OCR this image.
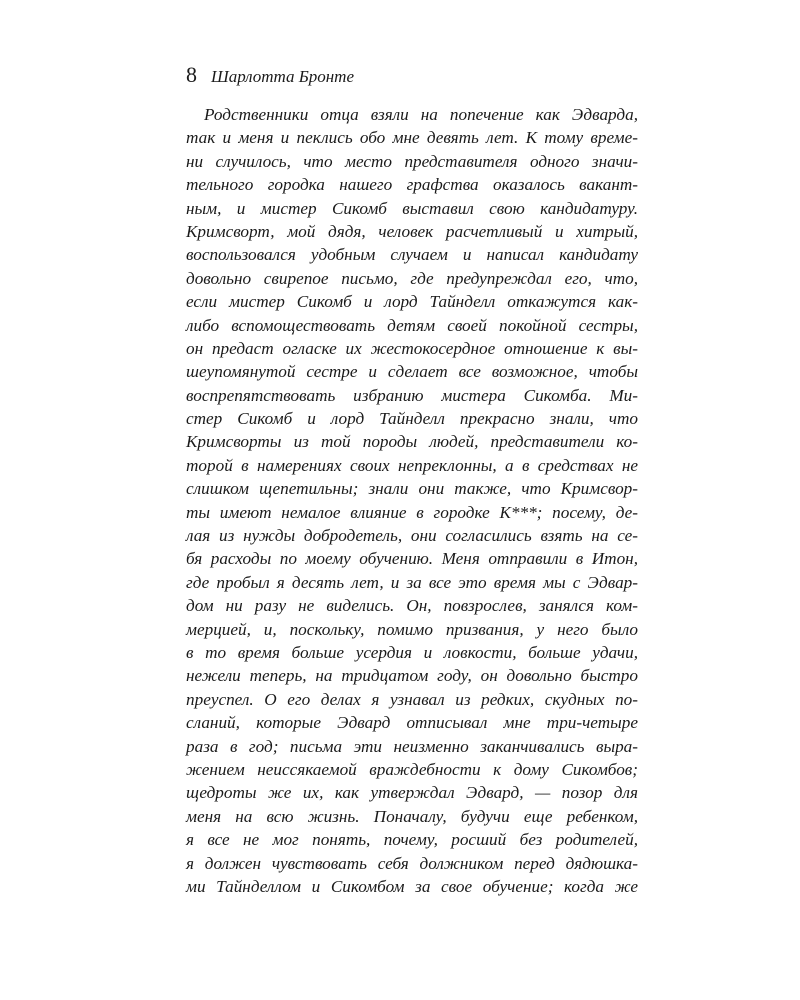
8 Шарлотта Бронте
Родственники отца взяли на попечение как Эдварда,
так и меня и пеклись обо мне девять лет. К тому време-
ни случилось, что место представителя одного значи-
тельного городка нашего графства оказалось вакант-
ным, и мистер Сикомб выставил свою кандидатуру.
Кримсворт, мой дядя, человек расчетливый и хитрый,
воспользовался удобным случаем и написал кандидату
довольно свирепое письмо, где предупреждал его, что,
если мистер Сикомб и лорд Тайнделл откажутся как-
либо вспомоществовать детям своей покойной сестры,
он предаст огласке их жестокосердное отношение к вы-
шеупомянутой сестре и сделает все возможное, чтобы
воспрепятствовать избранию мистера Сикомба. Ми-
стер Сикомб и лорд Тайнделл прекрасно знали, что
Кримсворты из той породы людей, представители ко-
торой в намерениях своих непреклонны, а в средствах не
слишком щепетильны; знали они также, что Кримсвор-
ты имеют немалое влияние в городке К***; посему, де-
лая из нужды добродетель, они согласились взять на се-
бя расходы по моему обучению. Меня отправили в Итон,
где пробыл я десять лет, и за все это время мы с Эдвар-
дом ни разу не виделись. Он, повзрослев, занялся ком-
мерцией, и, поскольку, помимо призвания, у него было
в то время больше усердия и ловкости, больше удачи,
нежели теперь, на тридцатом году, он довольно быстро
преуспел. О его делах я узнавал из редких, скудных по-
сланий, которые Эдвард отписывал мне три-четыре
раза в год; письма эти неизменно заканчивались выра-
жением неиссякаемой враждебности к дому Сикомбов;
щедроты же их, как утверждал Эдвард, — позор для
меня на всю жизнь. Поначалу, будучи еще ребенком,
я все не мог понять, почему, росший без родителей,
я должен чувствовать себя должником перед дядюшка-
ми Тайнделлом и Сикомбом за свое обучение; когда же
